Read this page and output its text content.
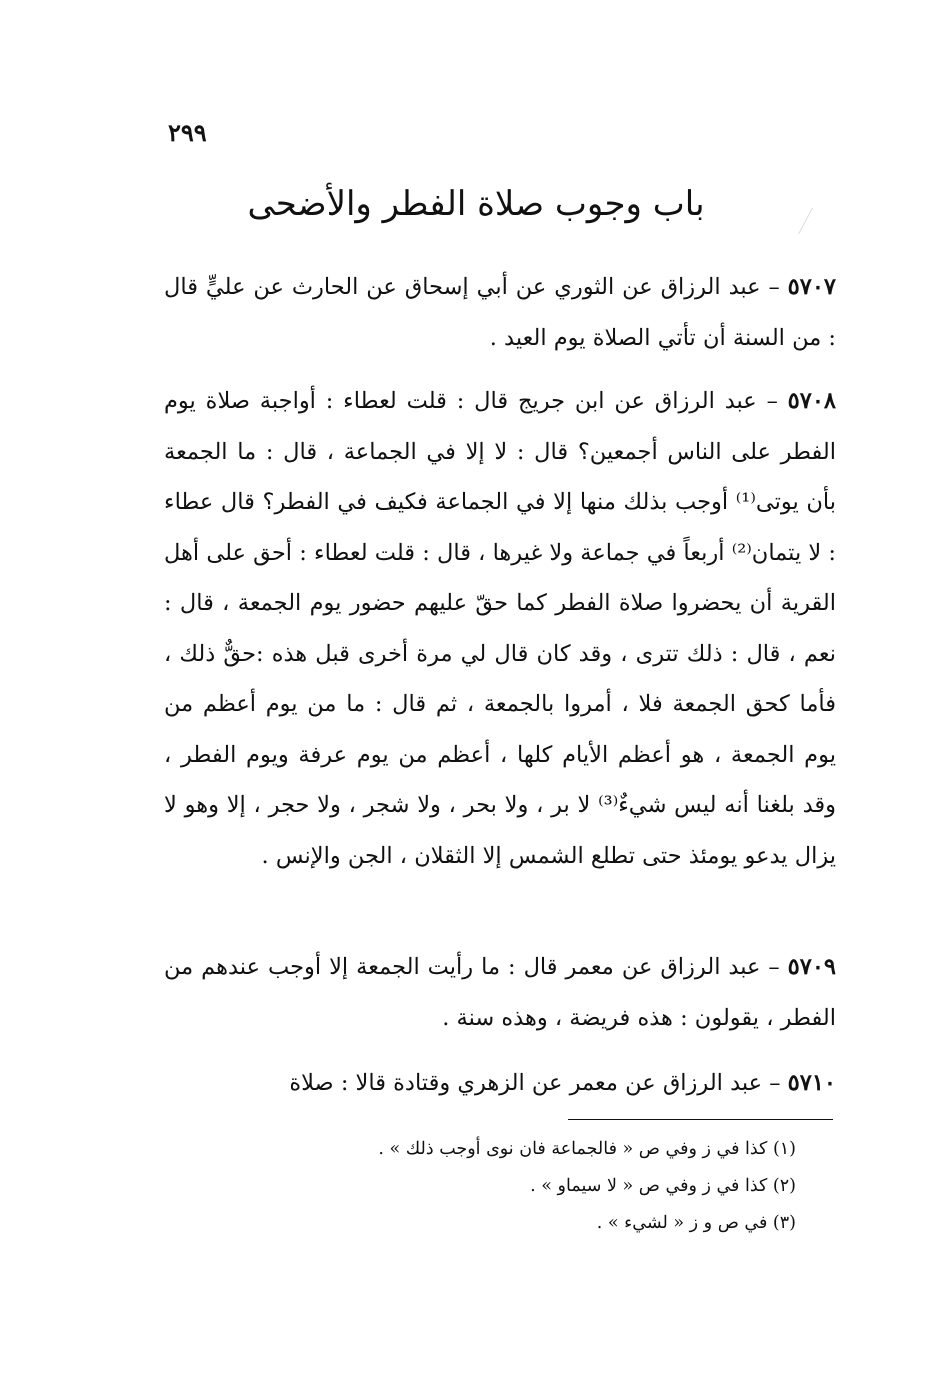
٢٩٩
باب وجوب صلاة الفطر والأضحى

٥٧٠٧ – عبد الرزاق عن الثوري عن أبي إسحاق عن الحارث عن عليٍّ قال : من السنة أن تأتي الصلاة يوم العيد .

٥٧٠٨ – عبد الرزاق عن ابن جريج قال : قلت لعطاء : أواجبة صلاة يوم الفطر على الناس أجمعين؟ قال : لا إلا في الجماعة ، قال : ما الجمعة بأن يوتى⁽¹⁾ أوجب بذلك منها إلا في الجماعة فكيف في الفطر؟ قال عطاء : لا يتمان⁽²⁾ أربعاً في جماعة ولا غيرها ، قال : قلت لعطاء : أحق على أهل القرية أن يحضروا صلاة الفطر كما حقّ عليهم حضور يوم الجمعة ، قال : نعم ، قال : ذلك تترى ، وقد كان قال لي مرة أخرى قبل هذه :حقٌّ ذلك ، فأما كحق الجمعة فلا ، أمروا بالجمعة ، ثم قال : ما من يوم أعظم من يوم الجمعة ، هو أعظم الأيام كلها ، أعظم من يوم عرفة ويوم الفطر ، وقد بلغنا أنه ليس شيءٌ⁽³⁾ لا بر ، ولا بحر ، ولا شجر ، ولا حجر ، إلا وهو لا يزال يدعو يومئذ حتى تطلع الشمس إلا الثقلان ، الجن والإنس .

٥٧٠٩ – عبد الرزاق عن معمر قال : ما رأيت الجمعة إلا أوجب عندهم من الفطر ، يقولون : هذه فريضة ، وهذه سنة .

٥٧١٠ – عبد الرزاق عن معمر عن الزهري وقتادة قالا : صلاة

(١) كذا في ز وفي ص « فالجماعة فان نوى أوجب ذلك » .
(٢) كذا في ز وفي ص « لا سيماو » .
(٣) في ص و ز « لشيء » .
